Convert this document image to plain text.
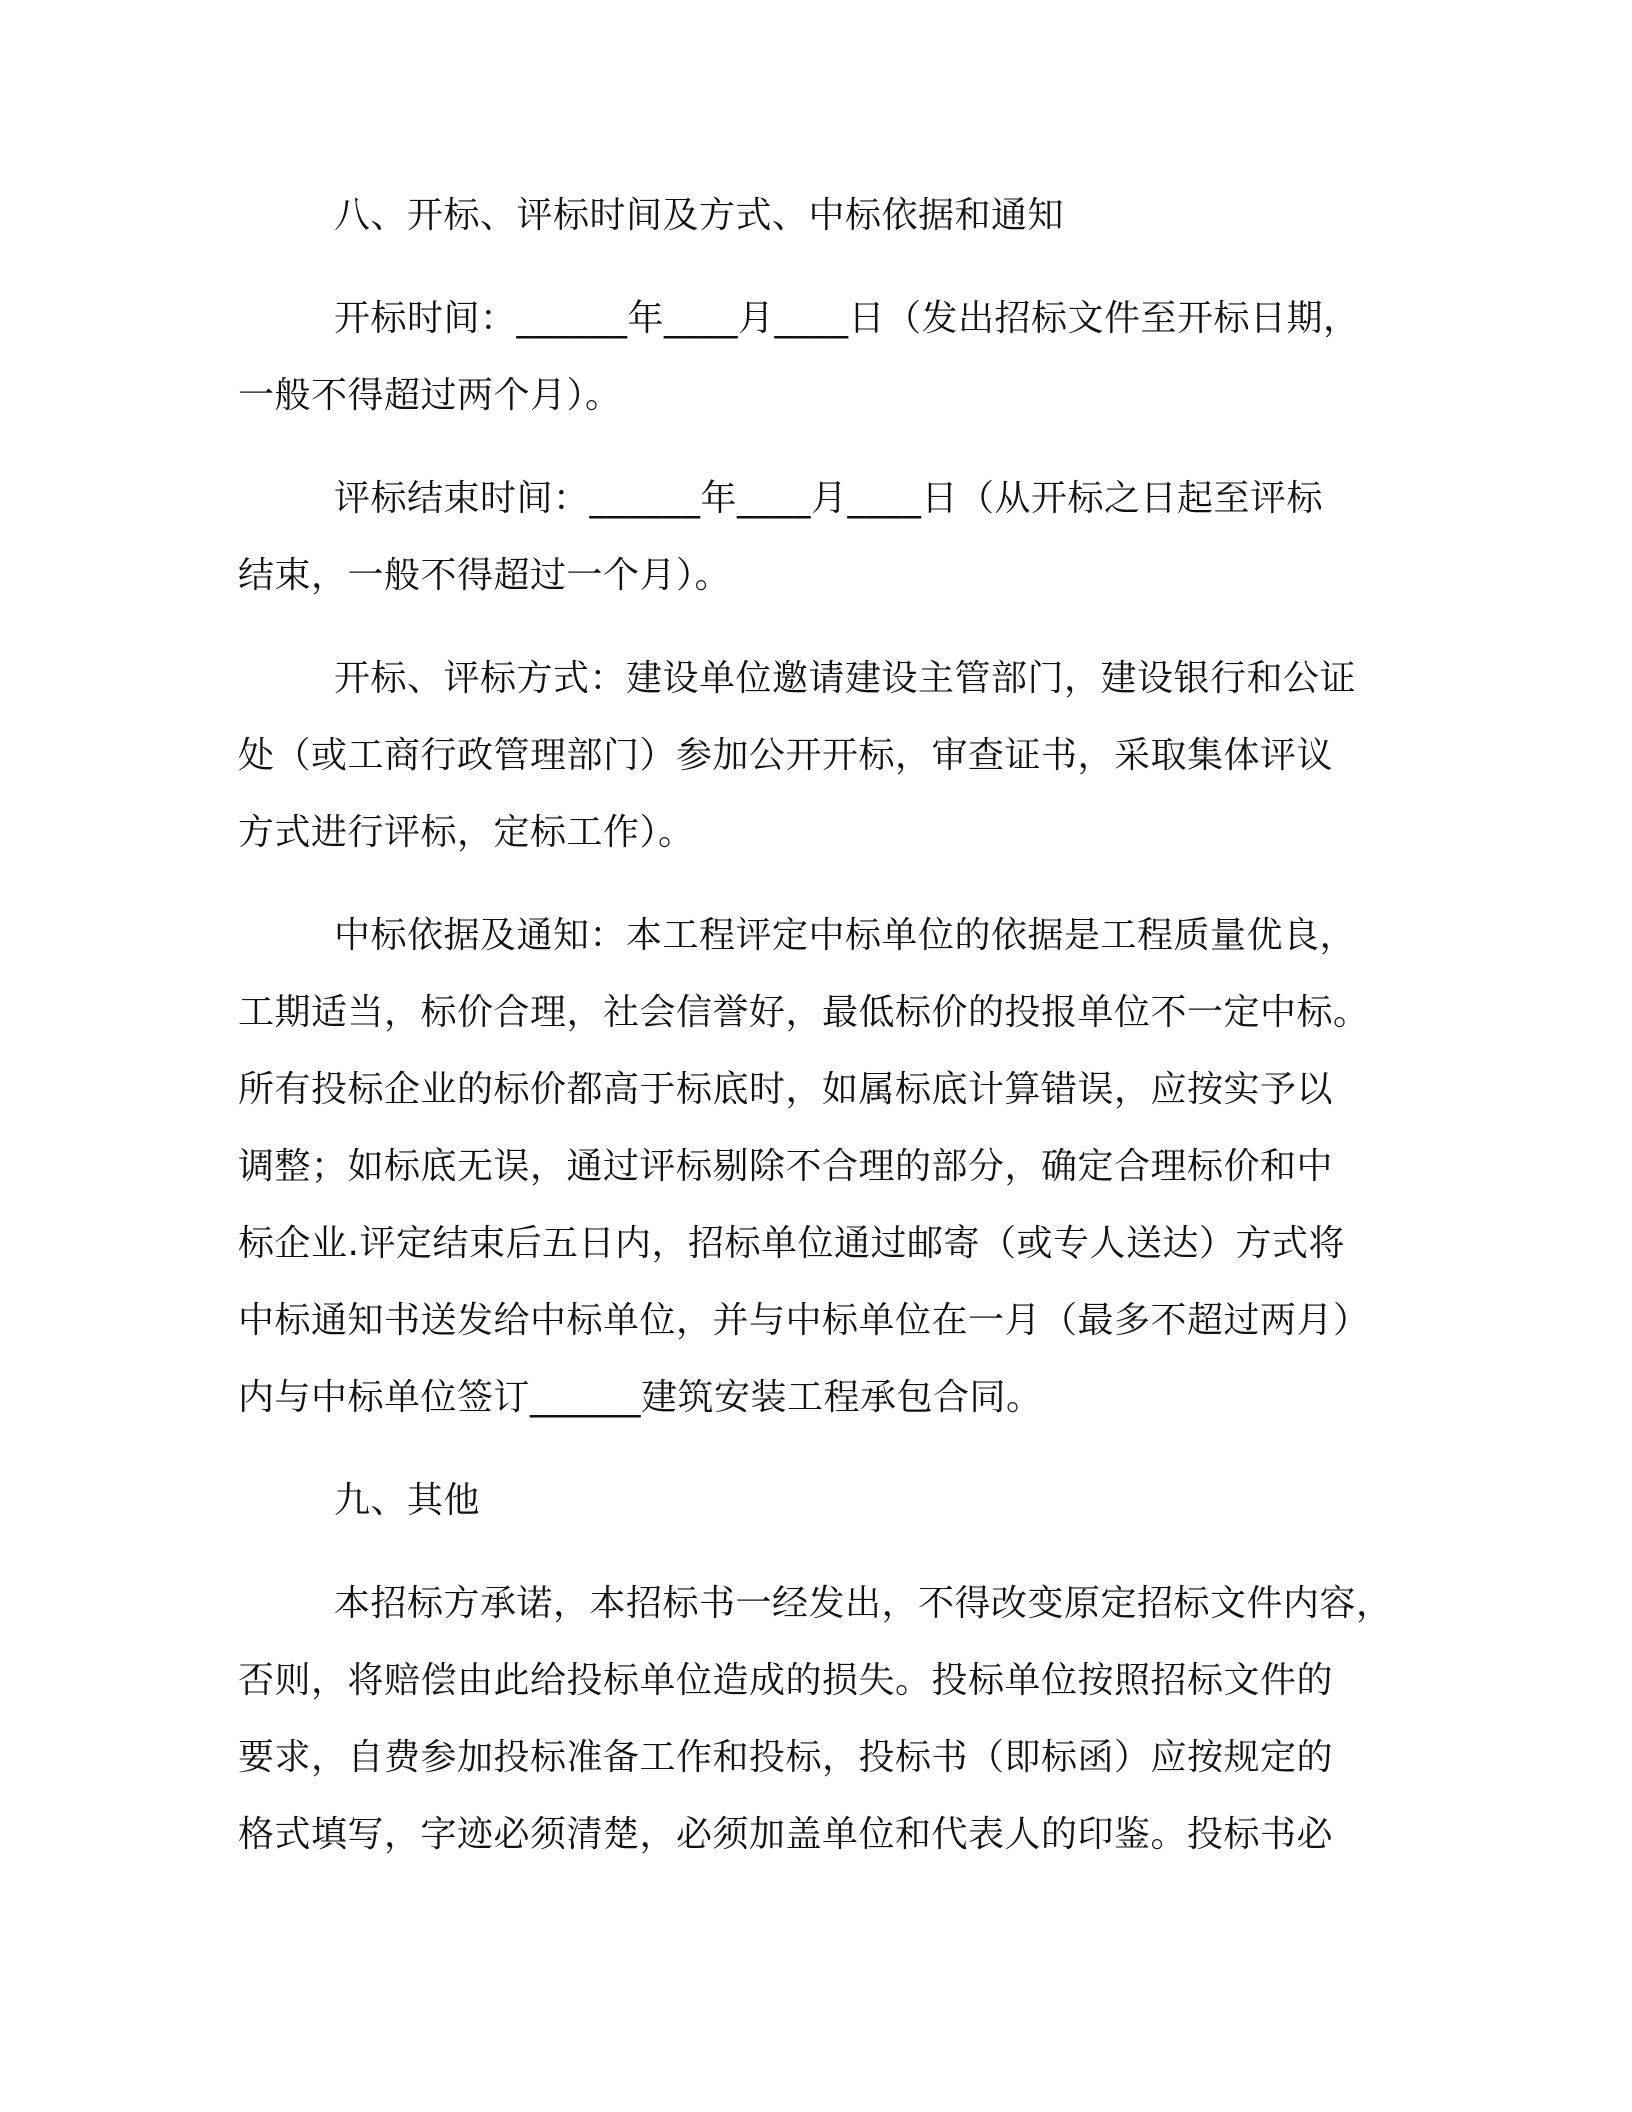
八、开标、评标时间及方式、中标依据和通知
开标时间：______年____月____日（发出招标文件至开标日期，
一般不得超过两个月）。
评标结束时间：______年____月____日（从开标之日起至评标
结束，一般不得超过一个月）。
开标、评标方式：建设单位邀请建设主管部门，建设银行和公证
处（或工商行政管理部门）参加公开开标，审查证书，采取集体评议
方式进行评标，定标工作）。
中标依据及通知：本工程评定中标单位的依据是工程质量优良，
工期适当，标价合理，社会信誉好，最低标价的投报单位不一定中标。
所有投标企业的标价都高于标底时，如属标底计算错误，应按实予以
调整；如标底无误，通过评标剔除不合理的部分，确定合理标价和中
标企业.评定结束后五日内，招标单位通过邮寄（或专人送达）方式将
中标通知书送发给中标单位，并与中标单位在一月（最多不超过两月）
内与中标单位签订______建筑安装工程承包合同。
九、其他
本招标方承诺，本招标书一经发出，不得改变原定招标文件内容，
否则，将赔偿由此给投标单位造成的损失。投标单位按照招标文件的
要求，自费参加投标准备工作和投标，投标书（即标函）应按规定的
格式填写，字迹必须清楚，必须加盖单位和代表人的印鉴。投标书必
